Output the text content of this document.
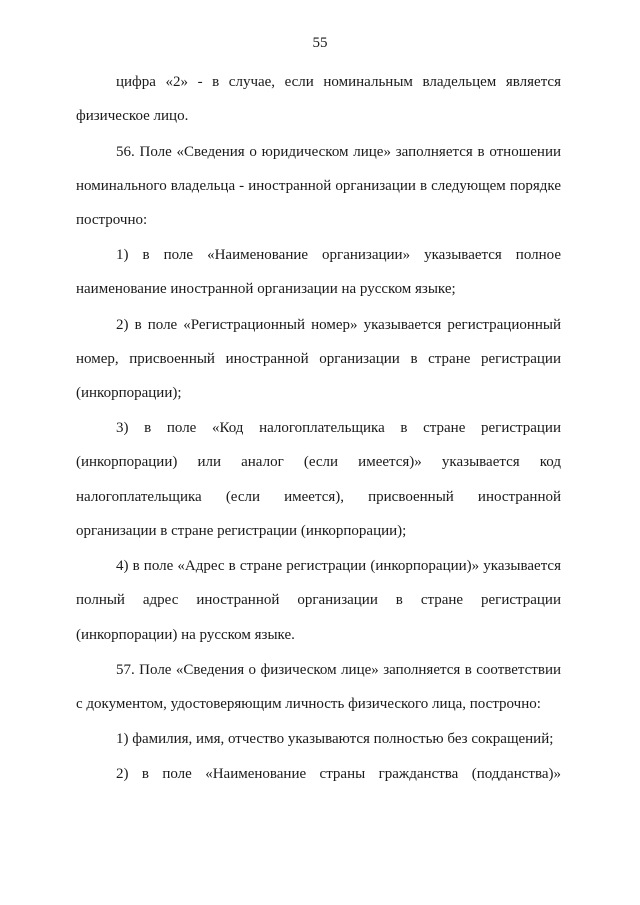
55
цифра «2» - в случае, если номинальным владельцем является
физическое лицо.
56. Поле «Сведения о юридическом лице» заполняется в отношении
номинального владельца - иностранной организации в следующем порядке
построчно:
1) в поле «Наименование организации» указывается полное
наименование иностранной организации на русском языке;
2) в поле «Регистрационный номер» указывается регистрационный
номер, присвоенный иностранной организации в стране регистрации
(инкорпорации);
3) в поле «Код налогоплательщика в стране регистрации
(инкорпорации) или аналог (если имеется)» указывается код
налогоплательщика (если имеется), присвоенный иностранной
организации в стране регистрации (инкорпорации);
4) в поле «Адрес в стране регистрации (инкорпорации)» указывается
полный адрес иностранной организации в стране регистрации
(инкорпорации) на русском языке.
57. Поле «Сведения о физическом лице» заполняется в соответствии
с документом, удостоверяющим личность физического лица, построчно:
1) фамилия, имя, отчество указываются полностью без сокращений;
2) в поле «Наименование страны гражданства (подданства)»
